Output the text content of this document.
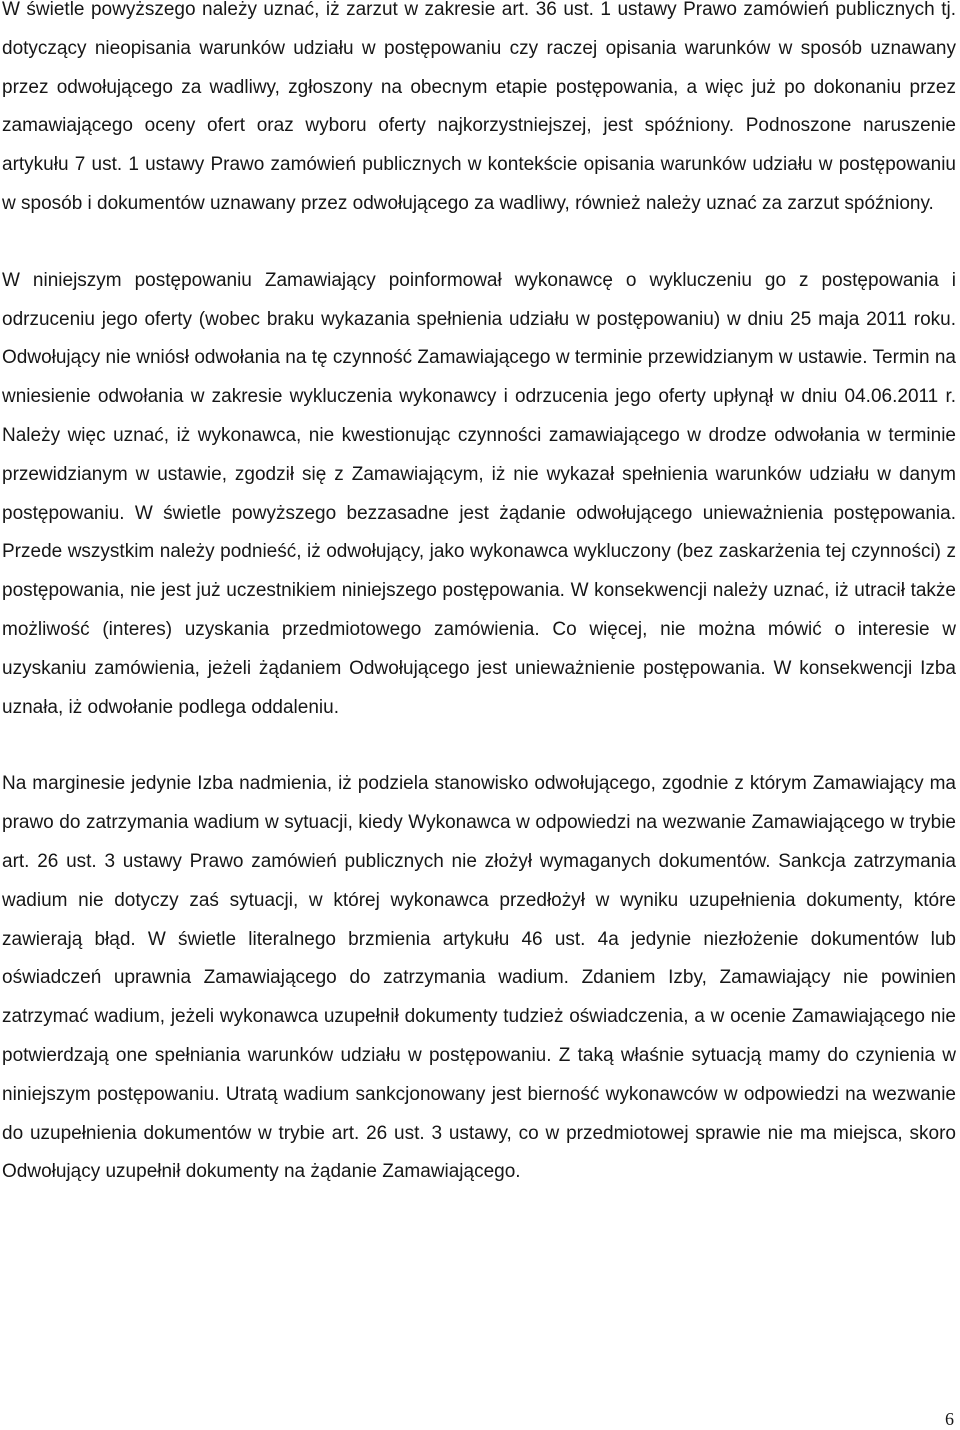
W świetle powyższego należy uznać, iż zarzut w zakresie art. 36 ust. 1 ustawy Prawo zamówień publicznych tj. dotyczący nieopisania warunków udziału w postępowaniu czy raczej opisania warunków w sposób uznawany przez odwołującego za wadliwy, zgłoszony na obecnym etapie postępowania, a więc już po dokonaniu przez zamawiającego oceny ofert oraz wyboru oferty najkorzystniejszej, jest spóźniony. Podnoszone naruszenie artykułu 7 ust. 1 ustawy Prawo zamówień publicznych w kontekście opisania warunków udziału w postępowaniu w sposób i dokumentów uznawany przez odwołującego za wadliwy, również należy uznać za zarzut spóźniony.

W niniejszym postępowaniu Zamawiający poinformował wykonawcę o wykluczeniu go z postępowania i odrzuceniu jego oferty (wobec braku wykazania spełnienia udziału w postępowaniu) w dniu 25 maja 2011 roku. Odwołujący nie wniósł odwołania na tę czynność Zamawiającego w terminie przewidzianym w ustawie. Termin na wniesienie odwołania w zakresie wykluczenia wykonawcy i odrzucenia jego oferty upłynął w dniu 04.06.2011 r. Należy więc uznać, iż wykonawca, nie kwestionując czynności zamawiającego w drodze odwołania w terminie przewidzianym w ustawie, zgodził się z Zamawiającym, iż nie wykazał spełnienia warunków udziału w danym postępowaniu. W świetle powyższego bezzasadne jest żądanie odwołującego unieważnienia postępowania. Przede wszystkim należy podnieść, iż odwołujący, jako wykonawca wykluczony (bez zaskarżenia tej czynności) z postępowania, nie jest już uczestnikiem niniejszego postępowania. W konsekwencji należy uznać, iż utracił także możliwość (interes) uzyskania przedmiotowego zamówienia. Co więcej, nie można mówić o interesie w uzyskaniu zamówienia, jeżeli żądaniem Odwołującego jest unieważnienie postępowania. W konsekwencji Izba uznała, iż odwołanie podlega oddaleniu.

Na marginesie jedynie Izba nadmienia, iż podziela stanowisko odwołującego, zgodnie z którym Zamawiający ma prawo do zatrzymania wadium w sytuacji, kiedy Wykonawca w odpowiedzi na wezwanie Zamawiającego w trybie art. 26 ust. 3 ustawy Prawo zamówień publicznych nie złożył wymaganych dokumentów. Sankcja zatrzymania wadium nie dotyczy zaś sytuacji, w której wykonawca przedłożył w wyniku uzupełnienia dokumenty, które zawierają błąd. W świetle literalnego brzmienia artykułu 46 ust. 4a jedynie niezłożenie dokumentów lub oświadczeń uprawnia Zamawiającego do zatrzymania wadium. Zdaniem Izby, Zamawiający nie powinien zatrzymać wadium, jeżeli wykonawca uzupełnił dokumenty tudzież oświadczenia, a w ocenie Zamawiającego nie potwierdzają one spełniania warunków udziału w postępowaniu. Z taką właśnie sytuacją mamy do czynienia w niniejszym postępowaniu. Utratą wadium sankcjonowany jest bierność wykonawców w odpowiedzi na wezwanie do uzupełnienia dokumentów w trybie art. 26 ust. 3 ustawy, co w przedmiotowej sprawie nie ma miejsca, skoro Odwołujący uzupełnił dokumenty na żądanie Zamawiającego.

6
